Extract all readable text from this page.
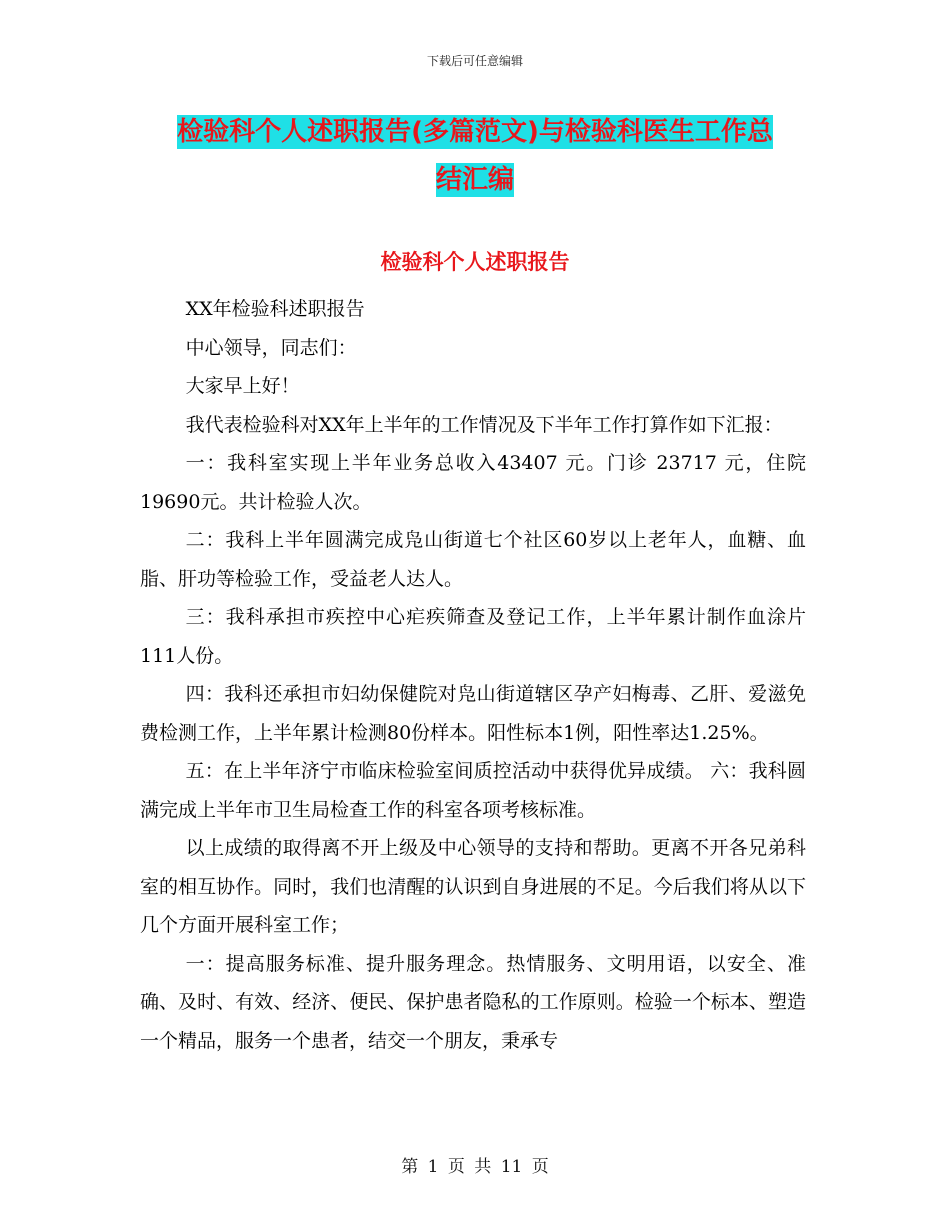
下载后可任意编辑
检验科个人述职报告(多篇范文)与检验科医生工作总
结汇编
检验科个人述职报告

XX年检验科述职报告

中心领导，同志们：

大家早上好！

我代表检验科对XX年上半年的工作情况及下半年工作打算作如下汇报：

一：我科室实现上半年业务总收入43407 元。门诊 23717 元，住院19690元。共计检验人次。

二：我科上半年圆满完成凫山街道七个社区60岁以上老年人，血糖、血脂、肝功等检验工作，受益老人达人。

三：我科承担市疾控中心疟疾筛查及登记工作，上半年累计制作血涂片111人份。

四：我科还承担市妇幼保健院对凫山街道辖区孕产妇梅毒、乙肝、爱滋免费检测工作，上半年累计检测80份样本。阳性标本1例，阳性率达1.25%。

五：在上半年济宁市临床检验室间质控活动中获得优异成绩。 六：我科圆满完成上半年市卫生局检查工作的科室各项考核标准。

以上成绩的取得离不开上级及中心领导的支持和帮助。更离不开各兄弟科室的相互协作。同时，我们也清醒的认识到自身进展的不足。今后我们将从以下几个方面开展科室工作；

一：提高服务标准、提升服务理念。热情服务、文明用语，以安全、准确、及时、有效、经济、便民、保护患者隐私的工作原则。检验一个标本、塑造一个精品，服务一个患者，结交一个朋友，秉承专

第 1 页 共 11 页
